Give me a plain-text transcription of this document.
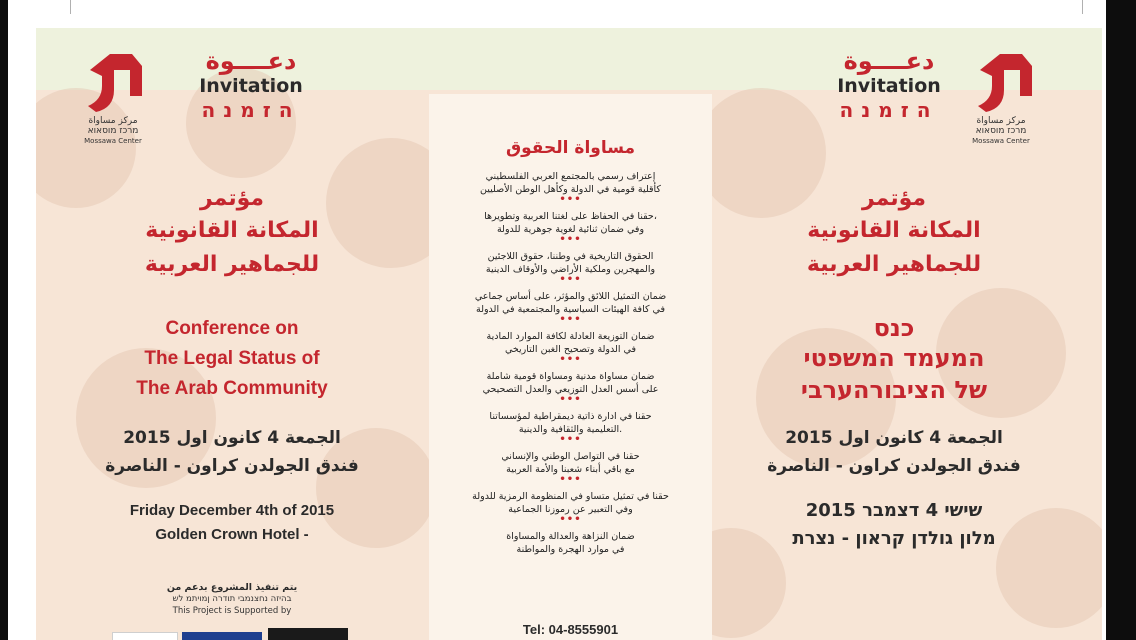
مركز مساواة
מרכז מוסאוא
Mossawa Center
دعــــوة
Invitation
הזמנה
مؤتمر
المكانة القانونية
للجماهير العربية
Conference on
The Legal Status of
The Arab Community
الجمعة 4 كانون اول 2015
فندق الجولدن كراون - الناصرة
Friday December 4th of 2015
Golden Crown Hotel -
يتم تنفيذ المشروع بدعم من
בהיזה נחצנמבי תודרה ןמויתמ לש
This Project is Supported by
مساواة الحقوق
إعتراف رسمي بالمجتمع العربي الفلسطيني
كأقلية قومية في الدولة وكأهل الوطن الأصليين
•••
حقنا في الحفاظ على لغتنا العربية وتطويرها،
وفي ضمان ثنائية لغوية جوهرية للدولة
•••
الحقوق التاريخية في وطننا، حقوق اللاجئين
والمهجرين وملكية الأراضي والأوقاف الدينية
•••
ضمان التمثيل اللائق والمؤثر، على أساس جماعي
في كافة الهيئات السياسية والمجتمعية في الدولة
•••
ضمان التوزيعة العادلة لكافة الموارد المادية
في الدولة وتصحيح الغبن التاريخي
•••
ضمان مساواة مدنية ومساواة قومية شاملة
على أسس العدل التوزيعي والعدل التصحيحي
•••
حقنا في ادارة ذاتية ديمقراطية لمؤسساتنا
التعليمية والثقافية والدينية.
•••
حقنا في التواصل الوطني والإنساني
مع باقي أبناء شعبنا والأمة العربية
•••
حقنا في تمثيل متساو في المنظومة الرمزية للدولة
وفي التعبير عن رموزنا الجماعية
•••
ضمان النزاهة والعدالة والمساواة
في موارد الهجرة والمواطنة
Tel: 04-8555901
دعــــوة
Invitation
הזמנה	مركز مساواة
מרכז מוסאוא
Mossawa Center
مؤتمر
المكانة القانونية
للجماهير العربية
כנס
המעמד המשפטי
של הציבורהערבי
الجمعة 4 كانون اول 2015
فندق الجولدن كراون - الناصرة
שישי 4 דצמבר 2015
מלון גולדן קראון - נצרת
